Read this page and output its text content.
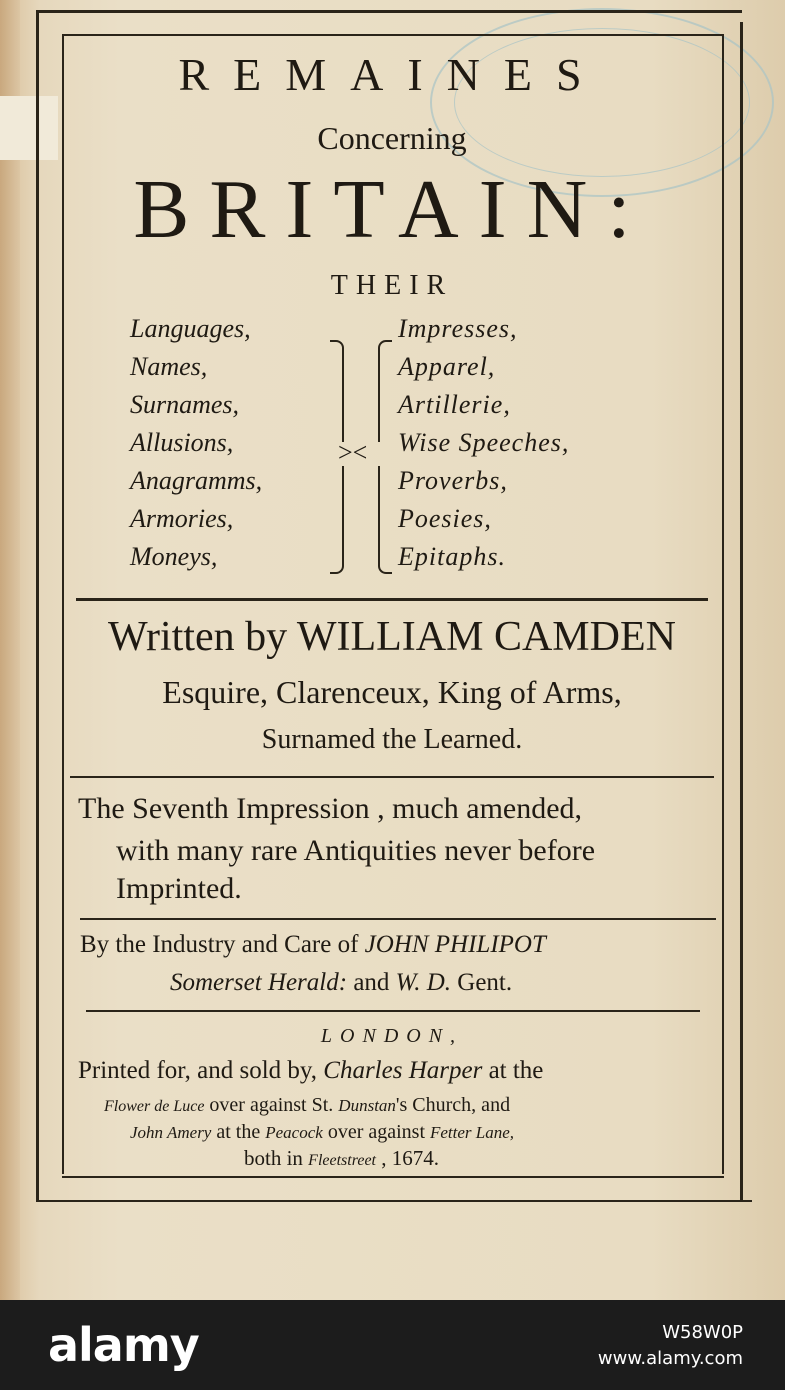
REMAINES
Concerning
BRITAIN:
THEIR
Languages,
Names,
Surnames,
Allusions,
Anagramms,
Armories,
Moneys,
><
Impresses,
Apparel,
Artillerie,
Wise Speeches,
Proverbs,
Poesies,
Epitaphs.
Written by WILLIAM CAMDEN
Esquire, Clarenceux, King of Arms,
Surnamed the Learned.
The Seventh Impression , much amended,
with many rare Antiquities never before
Imprinted.
By the Industry and Care of JOHN PHILIPOT
Somerset Herald: and W. D. Gent.
LONDON,
Printed for, and sold by, Charles Harper at the
Flower de Luce over against St. Dunstan's Church, and
John Amery at the Peacock over against Fetter Lane,
both in Fleetstreet , 1674.
alamy	W58W0P
www.alamy.com
